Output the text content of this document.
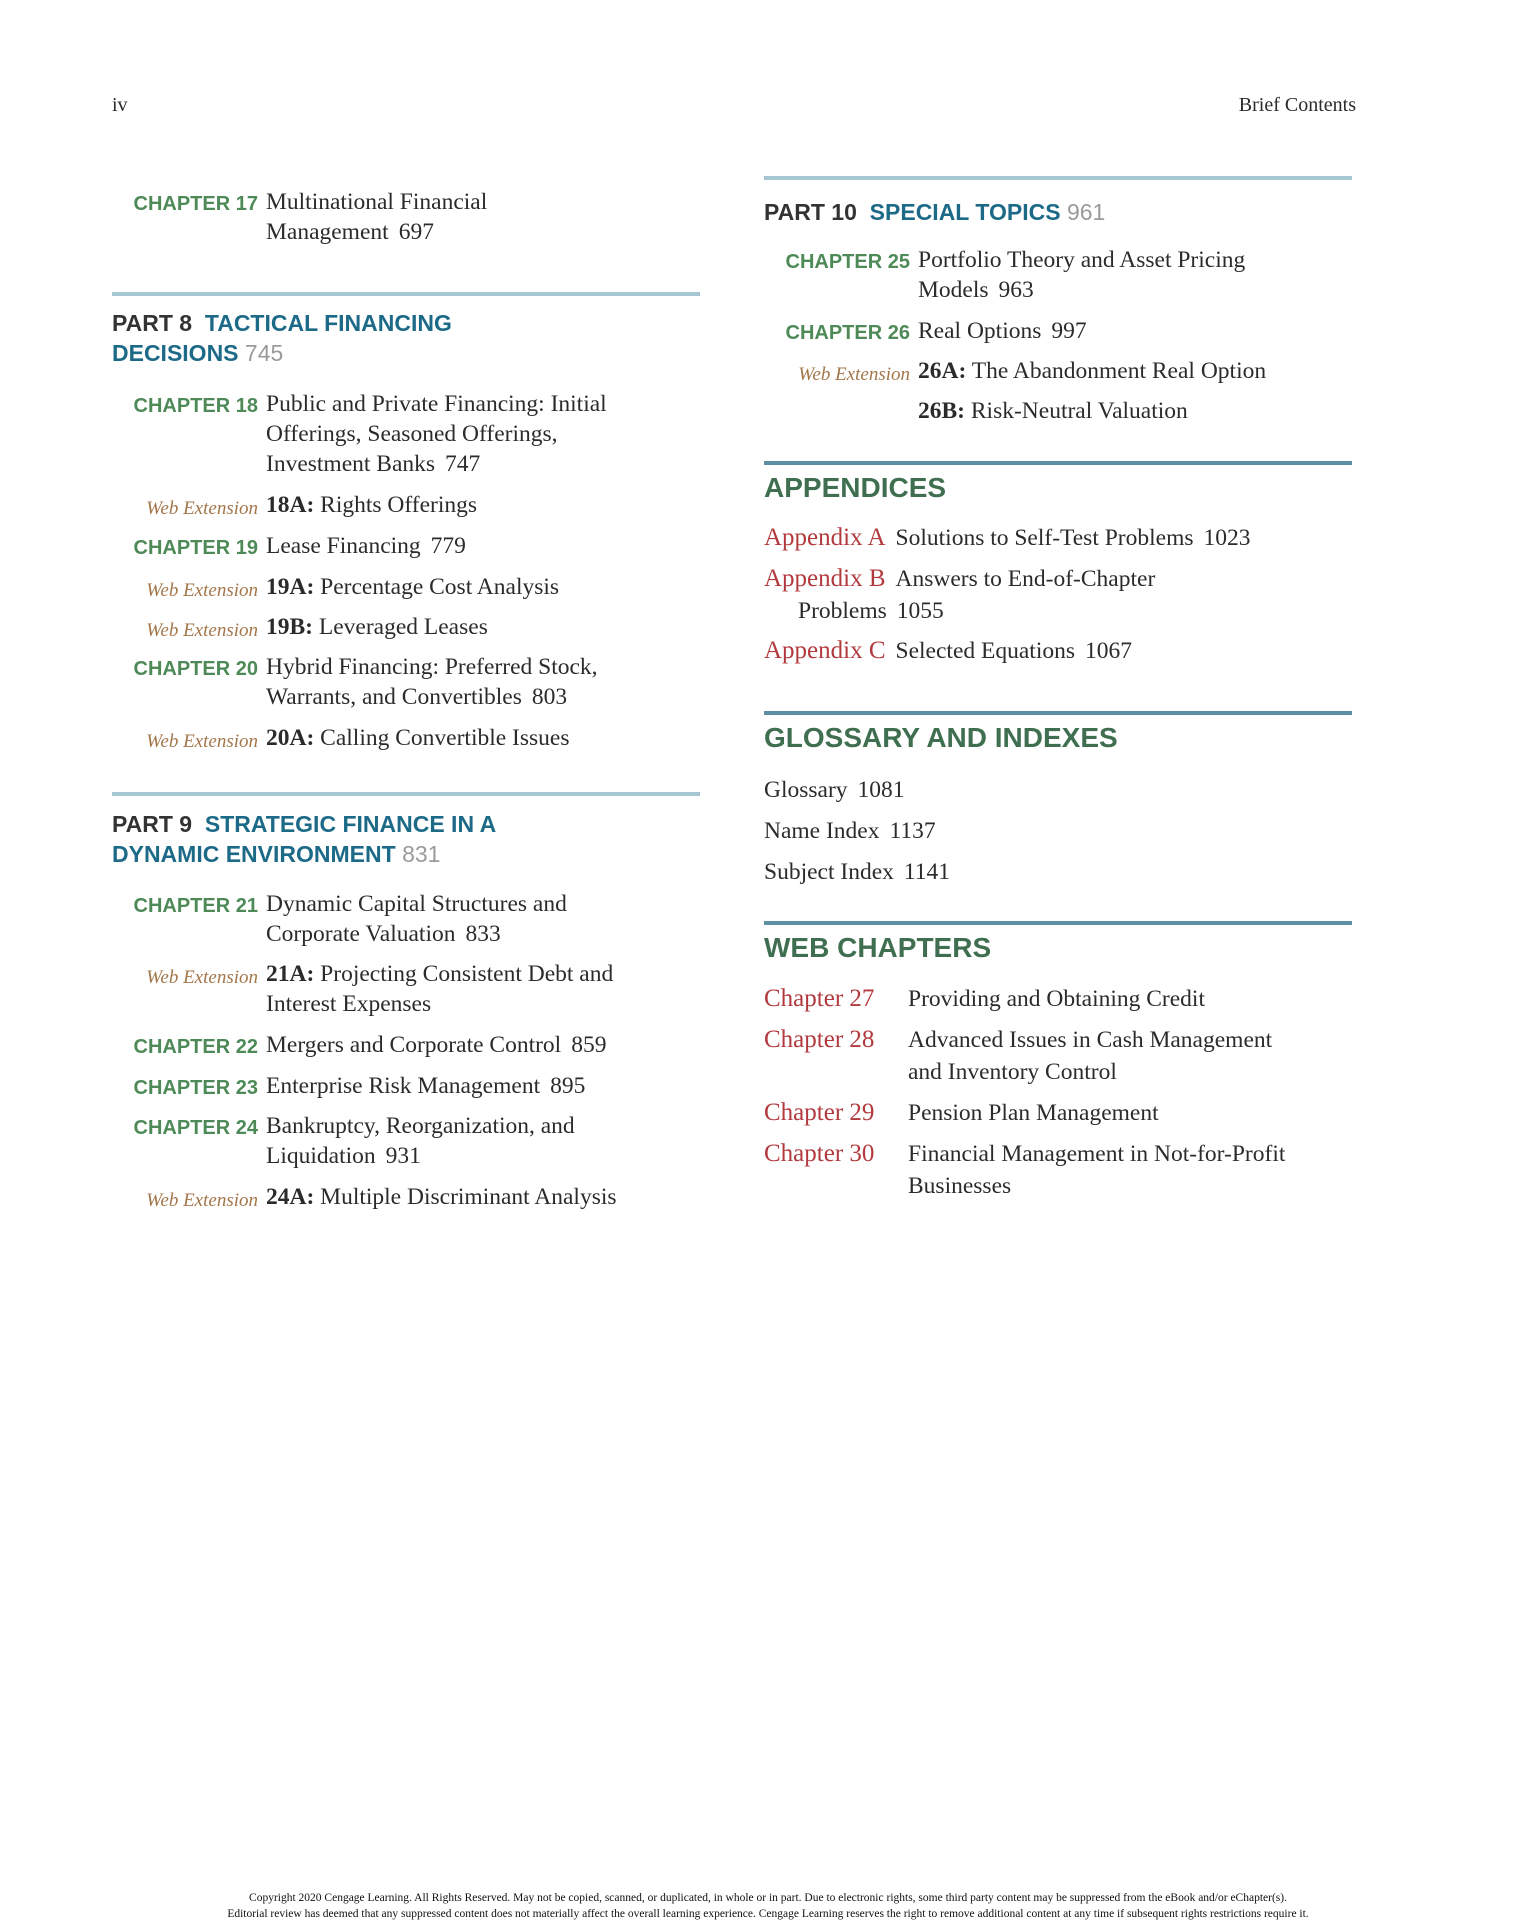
iv	Brief Contents
CHAPTER 17 Multinational Financial
Management 697
PART 8 TACTICAL FINANCING
DECISIONS 745
CHAPTER 18 Public and Private Financing: Initial
Offerings, Seasoned Offerings,
Investment Banks 747
Web Extension 18A: Rights Offerings
CHAPTER 19 Lease Financing 779
Web Extension 19A: Percentage Cost Analysis
Web Extension 19B: Leveraged Leases
CHAPTER 20 Hybrid Financing: Preferred Stock,
Warrants, and Convertibles 803
Web Extension 20A: Calling Convertible Issues
PART 9 STRATEGIC FINANCE IN A
DYNAMIC ENVIRONMENT 831
CHAPTER 21 Dynamic Capital Structures and
Corporate Valuation 833
Web Extension 21A: Projecting Consistent Debt and
Interest Expenses
CHAPTER 22 Mergers and Corporate Control 859
CHAPTER 23 Enterprise Risk Management 895
CHAPTER 24 Bankruptcy, Reorganization, and
Liquidation 931
Web Extension 24A: Multiple Discriminant Analysis
PART 10 SPECIAL TOPICS 961
CHAPTER 25 Portfolio Theory and Asset Pricing
Models 963
CHAPTER 26 Real Options 997
Web Extension 26A: The Abandonment Real Option
26B: Risk-Neutral Valuation
APPENDICES
Appendix A Solutions to Self-Test Problems 1023
Appendix B Answers to End-of-Chapter
Problems 1055
Appendix C Selected Equations 1067
GLOSSARY AND INDEXES
Glossary 1081
Name Index 1137
Subject Index 1141
WEB CHAPTERS
Chapter 27	Providing and Obtaining Credit
Chapter 28	Advanced Issues in Cash Management
and Inventory Control
Chapter 29	Pension Plan Management
Chapter 30	Financial Management in Not-for-Profit
Businesses
Copyright 2020 Cengage Learning. All Rights Reserved. May not be copied, scanned, or duplicated, in whole or in part. Due to electronic rights, some third party content may be suppressed from the eBook and/or eChapter(s).
Editorial review has deemed that any suppressed content does not materially affect the overall learning experience. Cengage Learning reserves the right to remove additional content at any time if subsequent rights restrictions require it.
